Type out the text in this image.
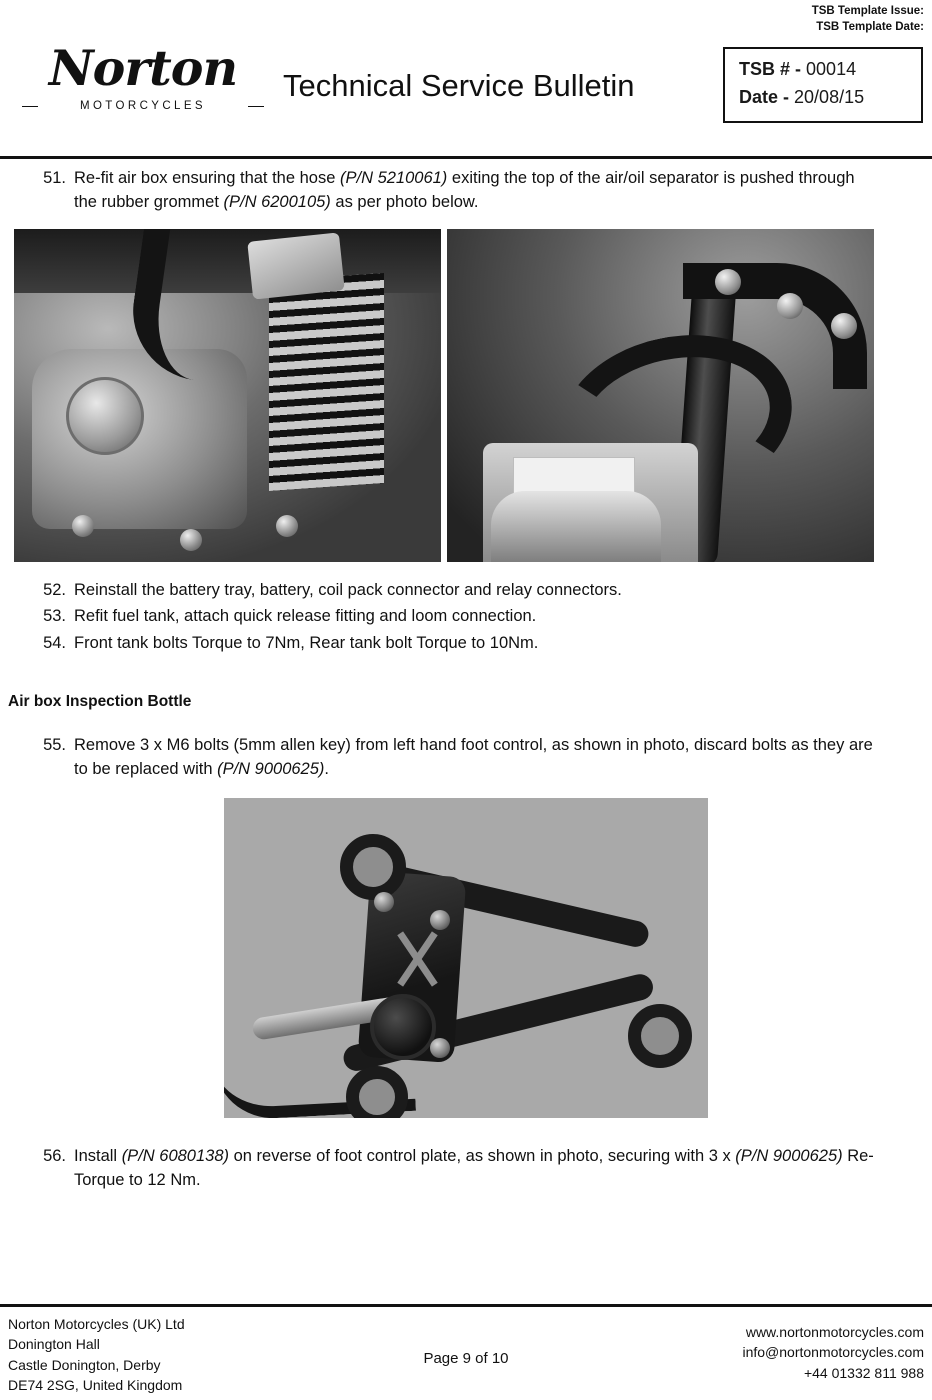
TSB Template Issue:
TSB Template Date:
Norton
MOTORCYCLES
Technical Service Bulletin	TSB # - 00014
Date - 20/08/15
51. Re-fit air box ensuring that the hose (P/N 5210061) exiting the top of the air/oil separator is pushed through the rubber grommet (P/N 6200105) as per photo below.
52. Reinstall the battery tray, battery, coil pack connector and relay connectors.
53. Refit fuel tank, attach quick release fitting and loom connection.
54. Front tank bolts Torque to 7Nm, Rear tank bolt Torque to 10Nm.
Air box Inspection Bottle
55. Remove 3 x M6 bolts (5mm allen key) from left hand foot control, as shown in photo, discard bolts as they are to be replaced with (P/N 9000625).
56. Install (P/N 6080138) on reverse of foot control plate, as shown in photo, securing with 3 x (P/N 9000625) Re-Torque to 12 Nm.
Norton Motorcycles (UK) Ltd
Donington Hall
Castle Donington, Derby
DE74 2SG, United Kingdom
Page 9 of 10
www.nortonmotorcycles.com
info@nortonmotorcycles.com
+44 01332 811 988
